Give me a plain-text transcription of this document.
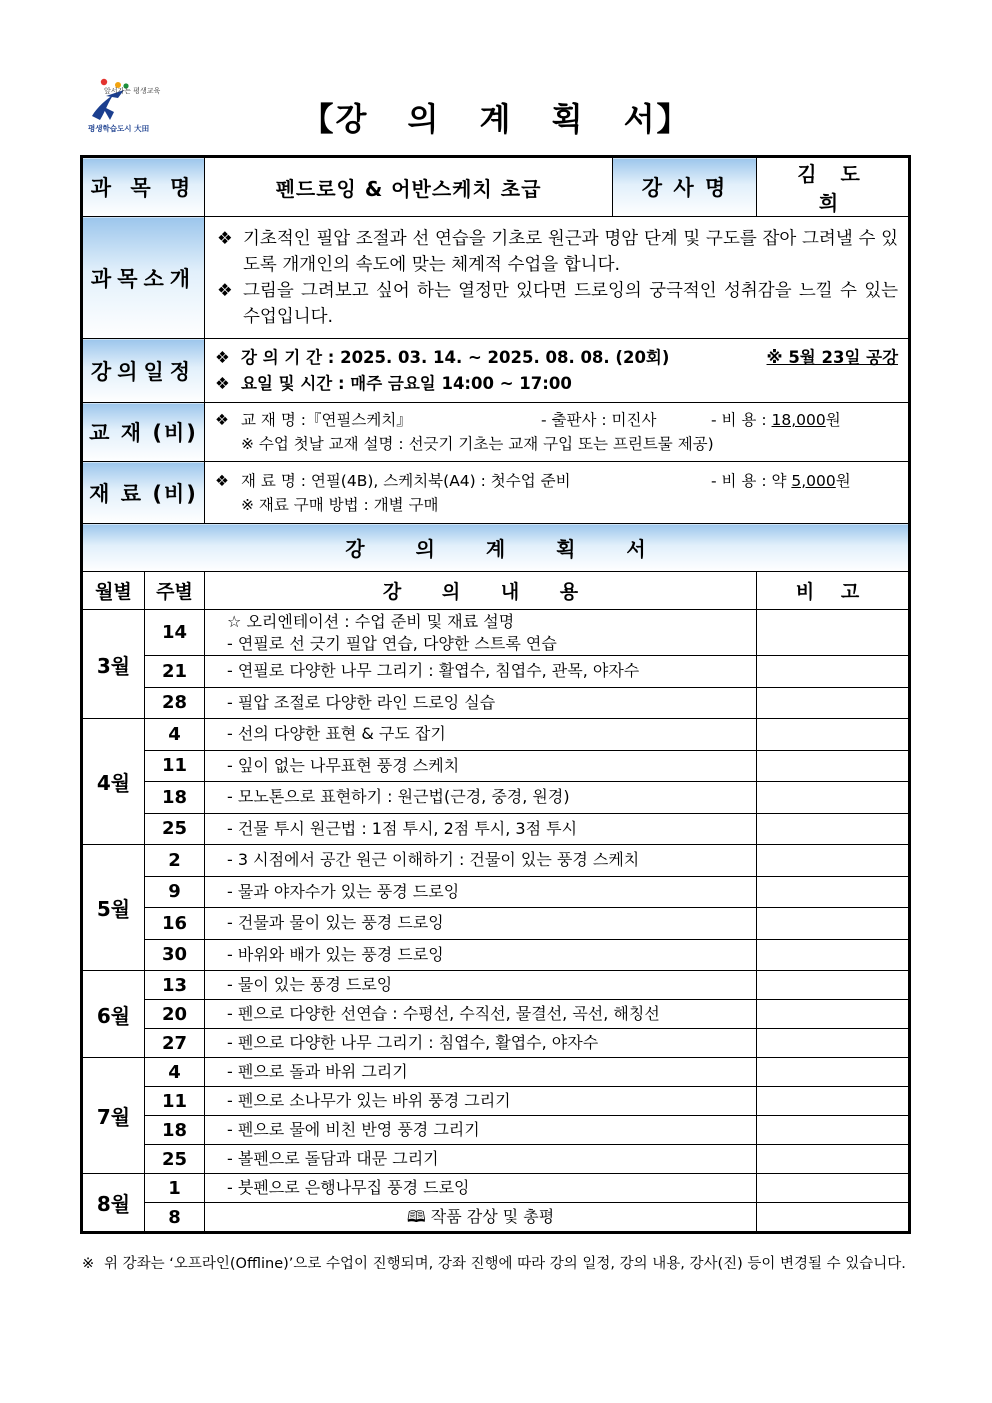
앞서가는 평생교육
평생학습도시 大田	【강 의 계 획 서】
과 목 명		펜드로잉 & 어반스케치 초급	강 사 명	김도희
과목소개		❖ 기초적인 필압 조절과 선 연습을 기초로 원근과 명암 단계 및 구도를 잡아 그려낼 수 있도록 개개인의 속도에 맞는 체계적 수업을 합니다.
❖ 그림을 그려보고 싶어 하는 열정만 있다면 드로잉의 궁극적인 성취감을 느낄 수 있는 수업입니다.		

강의일정		❖ 강 의 기 간 : 2025. 03. 14. ~ 2025. 08. 08. (20회) ※ 5월 23일 공강
❖ 요일 및 시간 : 매주 금요일 14:00 ~ 17:00		

교 재 (비)		❖ 교 재 명 :『연필스케치』 - 출판사 : 미진사 - 비 용 : 18,000원
※ 수업 첫날 교재 설명 : 선긋기 기초는 교재 구입 또는 프린트물 제공)		

재 료 (비)		❖ 재 료 명 : 연필(4B), 스케치북(A4) : 첫수업 준비 - 비 용 : 약 5,000원
※ 재료 구매 방법 : 개별 구매		

강 의 계 획 서				
월별	주별	강 의 내 용		비 고
3월	14	☆ 오리엔테이션 : 수업 준비 및 재료 설명
- 연필로 선 긋기 필압 연습, 다양한 스트록 연습		

	21	- 연필로 다양한 나무 그리기 : 활엽수, 침엽수, 관목, 야자수		

	28	- 필압 조절로 다양한 라인 드로잉 실습		

4월	4	- 선의 다양한 표현 & 구도 잡기		

	11	- 잎이 없는 나무표현 풍경 스케치		

	18	- 모노톤으로 표현하기 : 원근법(근경, 중경, 원경)		

	25	- 건물 투시 원근법 : 1점 투시, 2점 투시, 3점 투시		

5월	2	- 3 시점에서 공간 원근 이해하기 : 건물이 있는 풍경 스케치		

	9	- 물과 야자수가 있는 풍경 드로잉		

	16	- 건물과 물이 있는 풍경 드로잉		

	30	- 바위와 배가 있는 풍경 드로잉		

6월	13	- 물이 있는 풍경 드로잉		

	20	- 펜으로 다양한 선연습 : 수평선, 수직선, 물결선, 곡선, 해칭선		

	27	- 펜으로 다양한 나무 그리기 : 침엽수, 활엽수, 야자수		

7월	4	- 펜으로 돌과 바위 그리기		

	11	- 펜으로 소나무가 있는 바위 풍경 그리기		

	18	- 펜으로 물에 비친 반영 풍경 그리기		

	25	- 볼펜으로 돌담과 대문 그리기		

8월	1	- 붓펜으로 은행나무집 풍경 드로잉		

	8	🕮 작품 감상 및 총평		

※ 위 강좌는 ‘오프라인(Offline)’으로 수업이 진행되며, 강좌 진행에 따라 강의 일정, 강의 내용, 강사(진) 등이 변경될 수 있습니다.
